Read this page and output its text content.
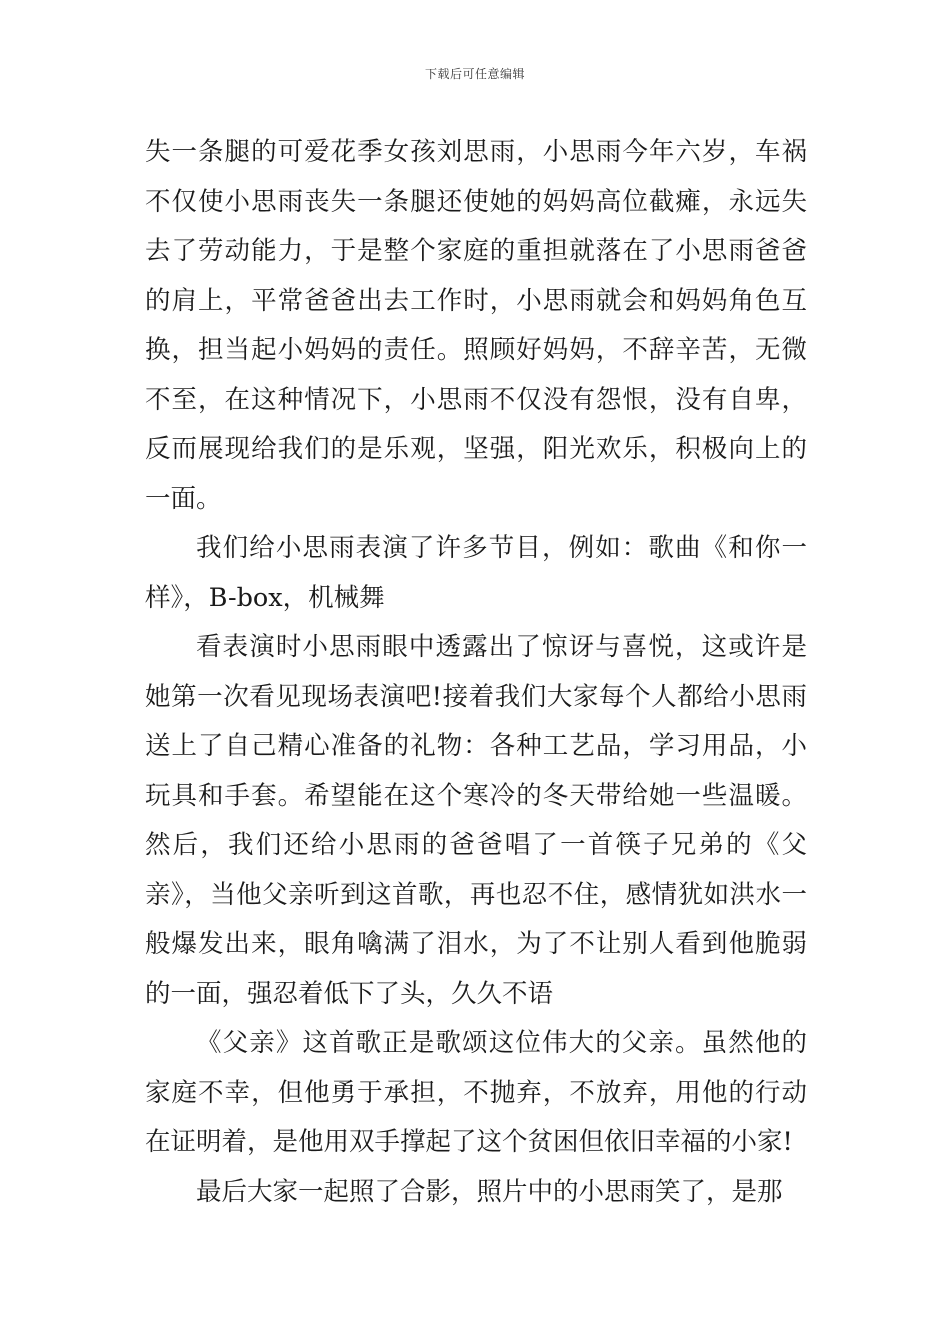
下载后可任意编辑

失一条腿的可爱花季女孩刘思雨，小思雨今年六岁，车祸不仅使小思雨丧失一条腿还使她的妈妈高位截瘫，永远失去了劳动能力，于是整个家庭的重担就落在了小思雨爸爸的肩上，平常爸爸出去工作时，小思雨就会和妈妈角色互换，担当起小妈妈的责任。照顾好妈妈，不辞辛苦，无微不至，在这种情况下，小思雨不仅没有怨恨，没有自卑，反而展现给我们的是乐观，坚强，阳光欢乐，积极向上的一面。

我们给小思雨表演了许多节目，例如：歌曲《和你一样》，B-box，机械舞

看表演时小思雨眼中透露出了惊讶与喜悦，这或许是她第一次看见现场表演吧!接着我们大家每个人都给小思雨送上了自己精心准备的礼物：各种工艺品，学习用品，小玩具和手套。希望能在这个寒冷的冬天带给她一些温暖。然后，我们还给小思雨的爸爸唱了一首筷子兄弟的《父亲》，当他父亲听到这首歌，再也忍不住，感情犹如洪水一般爆发出来，眼角噙满了泪水，为了不让别人看到他脆弱的一面，强忍着低下了头，久久不语

《父亲》这首歌正是歌颂这位伟大的父亲。虽然他的家庭不幸，但他勇于承担，不抛弃，不放弃，用他的行动在证明着，是他用双手撑起了这个贫困但依旧幸福的小家!

最后大家一起照了合影，照片中的小思雨笑了，是那
